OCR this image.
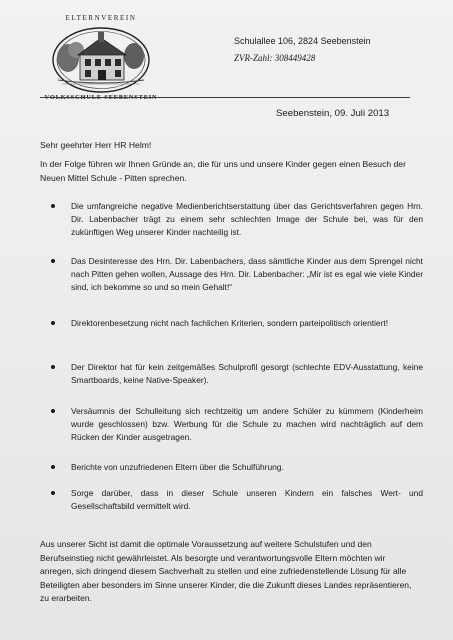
ELTERNVEREIN
Schulallee 106, 2824 Seebenstein
ZVR-Zahl: 308449428
Seebenstein, 09. Juli 2013
Sehr geehrter Herr HR Helm!
In der Folge führen wir Ihnen Gründe an, die für uns und unsere Kinder gegen einen Besuch der Neuen Mittel Schule - Pitten sprechen.
Die umfangreiche negative Medienberichtserstattung über das Gerichtsverfahren gegen Hrn. Dir. Labenbacher trägt zu einem sehr schlechten Image der Schule bei, was für den zukünftigen Weg unserer Kinder nachteilig ist.
Das Desinteresse des Hrn. Dir. Labenbachers, dass sämtliche Kinder aus dem Sprengel nicht nach Pitten gehen wollen, Aussage des Hrn. Dir. Labenbacher: „Mir ist es egal wie viele Kinder sind, ich bekomme so und so mein Gehalt!“
Direktorenbesetzung nicht nach fachlichen Kriterien, sondern parteipolitisch orientiert!
Der Direktor hat für kein zeitgemäßes Schulprofil gesorgt (schlechte EDV-Ausstattung, keine Smartboards, keine Native-Speaker).
Versäumnis der Schulleitung sich rechtzeitig um andere Schüler zu kümmern (Kinderheim wurde geschlossen) bzw. Werbung für die Schule zu machen wird nachträglich auf dem Rücken der Kinder ausgetragen.
Berichte von unzufriedenen Eltern über die Schulführung.
Sorge darüber, dass in dieser Schule unseren Kindern ein falsches Wert- und Gesellschaftsbild vermittelt wird.
Aus unserer Sicht ist damit die optimale Voraussetzung auf weitere Schulstufen und den Berufseinstieg nicht gewährleistet. Als besorgte und verantwortungsvolle Eltern möchten wir anregen, sich dringend diesem Sachverhalt zu stellen und eine zufriedenstellende Lösung für alle Beteiligten aber besonders im Sinne unserer Kinder, die die Zukunft dieses Landes repräsentieren, zu erarbeiten.
